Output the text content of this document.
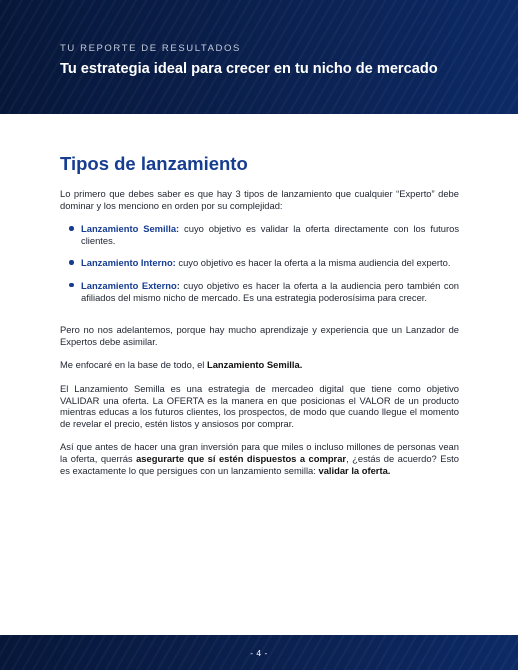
TU REPORTE DE RESULTADOS

Tu estrategia ideal para crecer en tu nicho de mercado
Tipos de lanzamiento

Lo primero que debes saber es que hay 3 tipos de lanzamiento que cualquier “Experto” debe dominar y los menciono en orden por su complejidad:

Lanzamiento Semilla: cuyo objetivo es validar la oferta directamente con los futuros clientes.
Lanzamiento Interno: cuyo objetivo es hacer la oferta a la misma audiencia del experto.
Lanzamiento Externo: cuyo objetivo es hacer la oferta a la audiencia pero también con afiliados del mismo nicho de mercado. Es una estrategia poderosísima para crecer.

Pero no nos adelantemos, porque hay mucho aprendizaje y experiencia que un Lanzador de Expertos debe asimilar.

Me enfocaré en la base de todo, el Lanzamiento Semilla.

El Lanzamiento Semilla es una estrategia de mercadeo digital que tiene como objetivo VALIDAR una oferta. La OFERTA es la manera en que posicionas el VALOR de un producto mientras educas a los futuros clientes, los prospectos, de modo que cuando llegue el momento de revelar el precio, estén listos y ansiosos por comprar.

Así que antes de hacer una gran inversión para que miles o incluso millones de personas vean la oferta, querrás asegurarte que sí estén dispuestos a comprar, ¿estás de acuerdo? Esto es exactamente lo que persigues con un lanzamiento semilla: validar la oferta.

- 4 -
